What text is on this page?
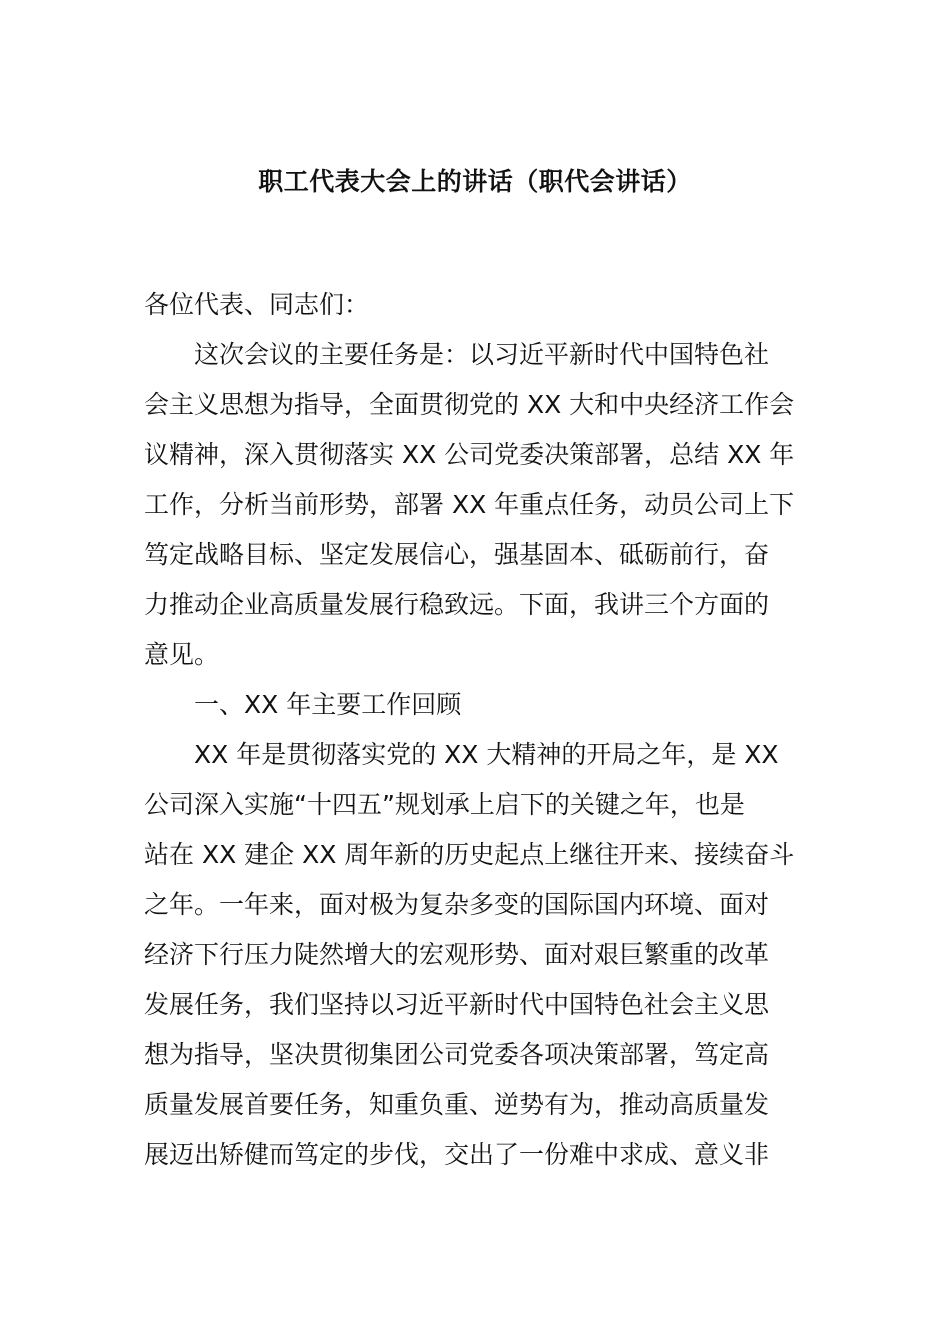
职工代表大会上的讲话（职代会讲话）
各位代表、同志们：
这次会议的主要任务是：以习近平新时代中国特色社
会主义思想为指导，全面贯彻党的 XX 大和中央经济工作会
议精神，深入贯彻落实 XX 公司党委决策部署，总结 XX 年
工作，分析当前形势，部署 XX 年重点任务，动员公司上下
笃定战略目标、坚定发展信心，强基固本、砥砺前行，奋
力推动企业高质量发展行稳致远。下面，我讲三个方面的
意见。
一、XX 年主要工作回顾
XX 年是贯彻落实党的 XX 大精神的开局之年，是 XX
公司深入实施“十四五”规划承上启下的关键之年，也是
站在 XX 建企 XX 周年新的历史起点上继往开来、接续奋斗
之年。一年来，面对极为复杂多变的国际国内环境、面对
经济下行压力陡然增大的宏观形势、面对艰巨繁重的改革
发展任务，我们坚持以习近平新时代中国特色社会主义思
想为指导，坚决贯彻集团公司党委各项决策部署，笃定高
质量发展首要任务，知重负重、逆势有为，推动高质量发
展迈出矫健而笃定的步伐，交出了一份难中求成、意义非
